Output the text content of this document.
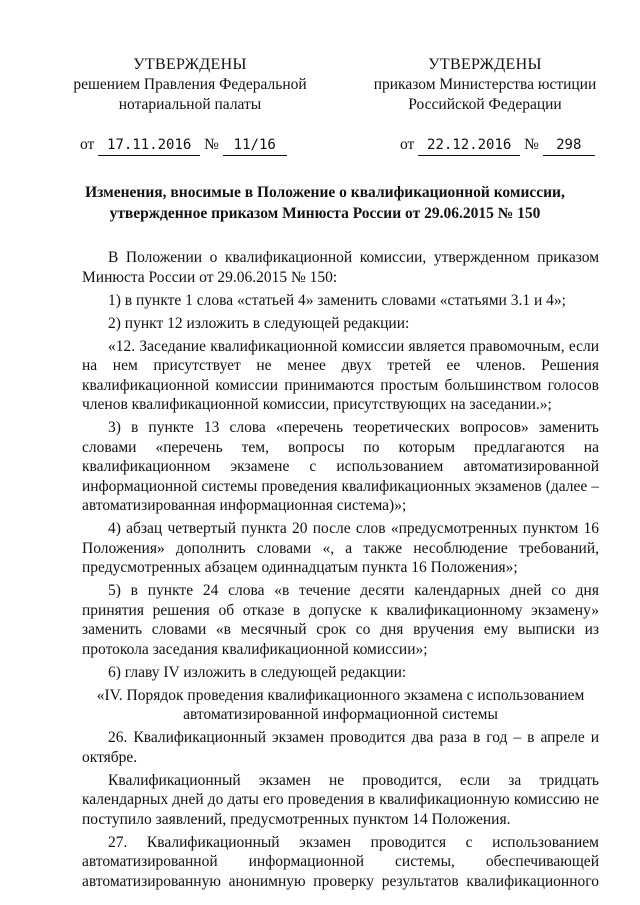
УТВЕРЖДЕНЫ
решением Правления Федеральной
нотариальной палаты
от 17.11.2016 № 11/16
УТВЕРЖДЕНЫ
приказом Министерства юстиции
Российской Федерации
от 22.12.2016 № 298
Изменения, вносимые в Положение о квалификационной комиссии,
утвержденное приказом Минюста России от 29.06.2015 № 150

В Положении о квалификационной комиссии, утвержденном приказом Минюста России от 29.06.2015 № 150:

1) в пункте 1 слова «статьей 4» заменить словами «статьями 3.1 и 4»;

2) пункт 12 изложить в следующей редакции:

«12. Заседание квалификационной комиссии является правомочным, если на нем присутствует не менее двух третей ее членов. Решения квалификационной комиссии принимаются простым большинством голосов членов квалификационной комиссии, присутствующих на заседании.»;

3) в пункте 13 слова «перечень теоретических вопросов» заменить словами «перечень тем, вопросы по которым предлагаются на квалификационном экзамене с использованием автоматизированной информационной системы проведения квалификационных экзаменов (далее – автоматизированная информационная система)»;

4) абзац четвертый пункта 20 после слов «предусмотренных пунктом 16 Положения» дополнить словами «, а также несоблюдение требований, предусмотренных абзацем одиннадцатым пункта 16 Положения»;

5) в пункте 24 слова «в течение десяти календарных дней со дня принятия решения об отказе в допуске к квалификационному экзамену» заменить словами «в месячный срок со дня вручения ему выписки из протокола заседания квалификационной комиссии»;

6) главу IV изложить в следующей редакции:

«IV. Порядок проведения квалификационного экзамена с использованием автоматизированной информационной системы

26. Квалификационный экзамен проводится два раза в год – в апреле и октябре.

Квалификационный экзамен не проводится, если за тридцать календарных дней до даты его проведения в квалификационную комиссию не поступило заявлений, предусмотренных пунктом 14 Положения.

27. Квалификационный экзамен проводится с использованием автоматизированной информационной системы, обеспечивающей автоматизированную анонимную проверку результатов квалификационного
